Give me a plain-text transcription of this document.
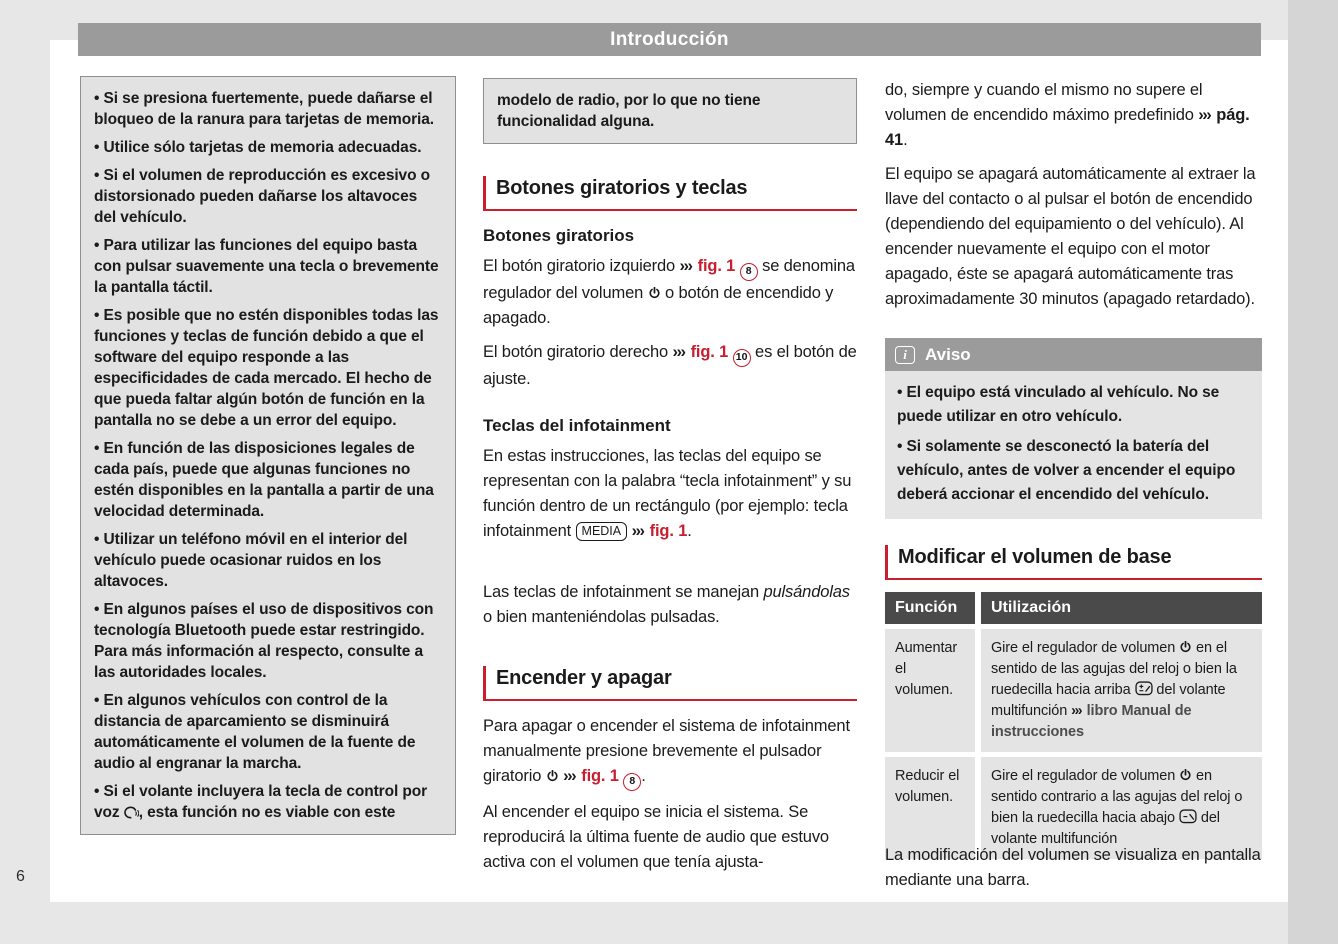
Introducción

• Si se presiona fuertemente, puede dañarse el bloqueo de la ranura para tarjetas de memoria.

• Utilice sólo tarjetas de memoria adecuadas.

• Si el volumen de reproducción es excesivo o distorsionado pueden dañarse los altavoces del vehículo.

• Para utilizar las funciones del equipo basta con pulsar suavemente una tecla o brevemente la pantalla táctil.

• Es posible que no estén disponibles todas las funciones y teclas de función debido a que el software del equipo responde a las especificidades de cada mercado. El hecho de que pueda faltar algún botón de función en la pantalla no se debe a un error del equipo.

• En función de las disposiciones legales de cada país, puede que algunas funciones no estén disponibles en la pantalla a partir de una velocidad determinada.

• Utilizar un teléfono móvil en el interior del vehículo puede ocasionar ruidos en los altavoces.

• En algunos países el uso de dispositivos con tecnología Bluetooth puede estar restringido. Para más información al respecto, consulte a las autoridades locales.

• En algunos vehículos con control de la distancia de aparcamiento se disminuirá automáticamente el volumen de la fuente de audio al engranar la marcha.

• Si el volante incluyera la tecla de control por voz , esta función no es viable con este

modelo de radio, por lo que no tiene funcionalidad alguna.

Botones giratorios y teclas
Botones giratorios

El botón giratorio izquierdo ››› fig. 1 8 se denomina regulador del volumen  o botón de encendido y apagado.

El botón giratorio derecho ››› fig. 1 10 es el botón de ajuste.

Teclas del infotainment

En estas instrucciones, las teclas del equipo se representan con la palabra “tecla infotainment” y su función dentro de un rectángulo (por ejemplo: tecla infotainment MEDIA ››› fig. 1.

Las teclas de infotainment se manejan pulsándolas o bien manteniéndolas pulsadas.

Encender y apagar

Para apagar o encender el sistema de infotainment manualmente presione brevemente el pulsador giratorio  ››› fig. 1 8 .

Al encender el equipo se inicia el sistema. Se reproducirá la última fuente de audio que estuvo activa con el volumen que tenía ajusta-

do, siempre y cuando el mismo no supere el volumen de encendido máximo predefinido ››› pág. 41.

El equipo se apagará automáticamente al extraer la llave del contacto o al pulsar el botón de encendido (dependiendo del equipamiento o del vehículo). Al encender nuevamente el equipo con el motor apagado, éste se apagará automáticamente tras aproximadamente 30 minutos (apagado retardado).

i	Aviso

• El equipo está vinculado al vehículo. No se puede utilizar en otro vehículo.

• Si solamente se desconectó la batería del vehículo, antes de volver a encender el equipo deberá accionar el encendido del vehículo.

Modificar el volumen de base
Función	Utilización
Aumentar el volumen.
Gire el regulador de volumen  en el sentido de las agujas del reloj o bien la ruedecilla hacia arriba  del volante multifunción ››› libro Manual de instrucciones
Reducir el volumen.
Gire el regulador de volumen  en sentido contrario a las agujas del reloj o bien la ruedecilla hacia abajo  del volante multifunción

La modificación del volumen se visualiza en pantalla mediante una barra.

6
